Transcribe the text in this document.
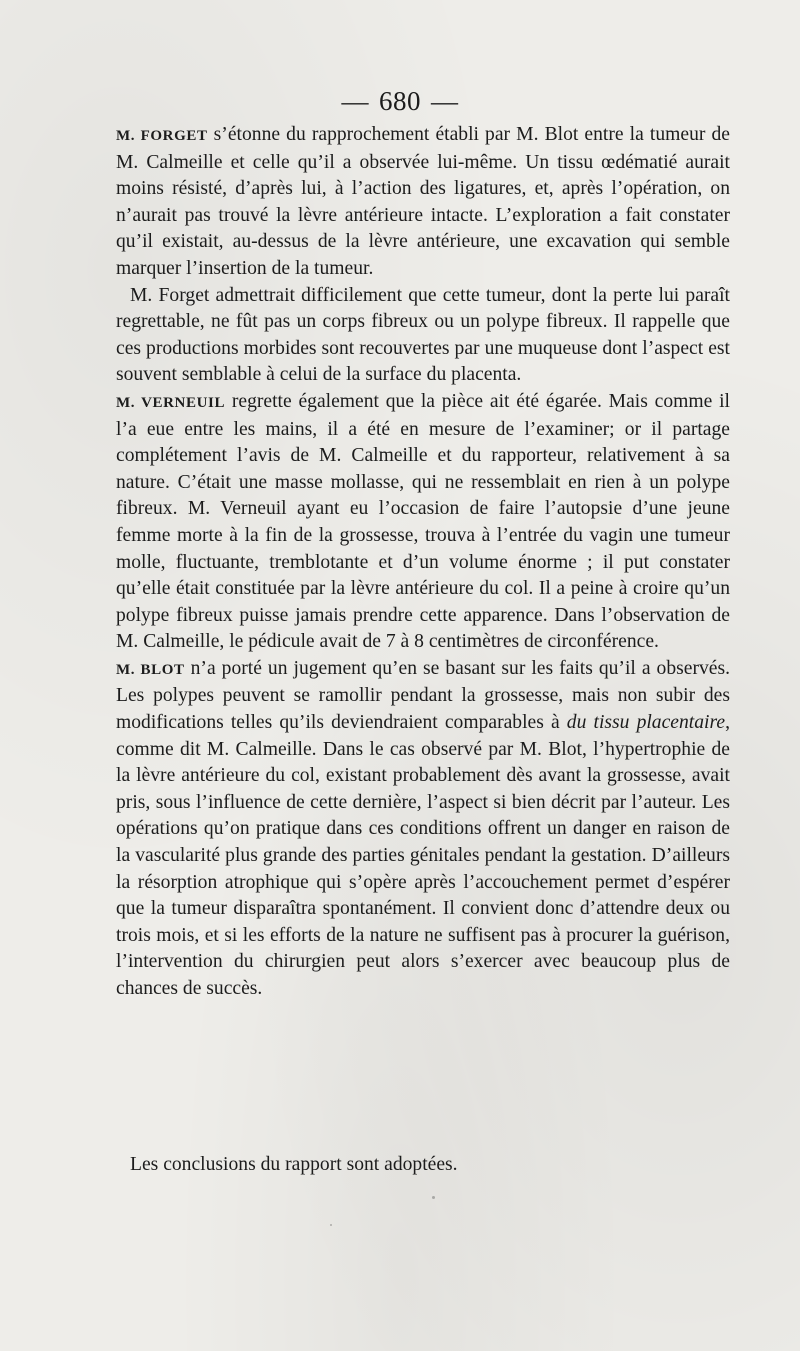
— 680 —

M. FORGET s’étonne du rapprochement établi par M. Blot entre la tumeur de M. Calmeille et celle qu’il a observée lui-même. Un tissu œdématié aurait moins résisté, d’après lui, à l’action des ligatures, et, après l’opération, on n’aurait pas trouvé la lèvre antérieure intacte. L’exploration a fait constater qu’il existait, au-dessus de la lèvre antérieure, une excavation qui semble marquer l’insertion de la tumeur.

M. Forget admettrait difficilement que cette tumeur, dont la perte lui paraît regrettable, ne fût pas un corps fibreux ou un polype fibreux. Il rappelle que ces productions morbides sont recouvertes par une muqueuse dont l’aspect est souvent semblable à celui de la surface du placenta.

M. VERNEUIL regrette également que la pièce ait été égarée. Mais comme il l’a eue entre les mains, il a été en mesure de l’examiner; or il partage complétement l’avis de M. Calmeille et du rapporteur, relativement à sa nature. C’était une masse mollasse, qui ne ressemblait en rien à un polype fibreux. M. Verneuil ayant eu l’occasion de faire l’autopsie d’une jeune femme morte à la fin de la grossesse, trouva à l’entrée du vagin une tumeur molle, fluctuante, tremblotante et d’un volume énorme ; il put constater qu’elle était constituée par la lèvre antérieure du col. Il a peine à croire qu’un polype fibreux puisse jamais prendre cette apparence. Dans l’observation de M. Calmeille, le pédicule avait de 7 à 8 centimètres de circonférence.

M. BLOT n’a porté un jugement qu’en se basant sur les faits qu’il a observés. Les polypes peuvent se ramollir pendant la grossesse, mais non subir des modifications telles qu’ils deviendraient comparables à du tissu placentaire, comme dit M. Calmeille. Dans le cas observé par M. Blot, l’hypertrophie de la lèvre antérieure du col, existant probablement dès avant la grossesse, avait pris, sous l’influence de cette dernière, l’aspect si bien décrit par l’auteur. Les opérations qu’on pratique dans ces conditions offrent un danger en raison de la vascularité plus grande des parties génitales pendant la gestation. D’ailleurs la résorption atrophique qui s’opère après l’accouchement permet d’espérer que la tumeur disparaîtra spontanément. Il convient donc d’attendre deux ou trois mois, et si les efforts de la nature ne suffisent pas à procurer la guérison, l’intervention du chirurgien peut alors s’exercer avec beaucoup plus de chances de succès.

Les conclusions du rapport sont adoptées.
